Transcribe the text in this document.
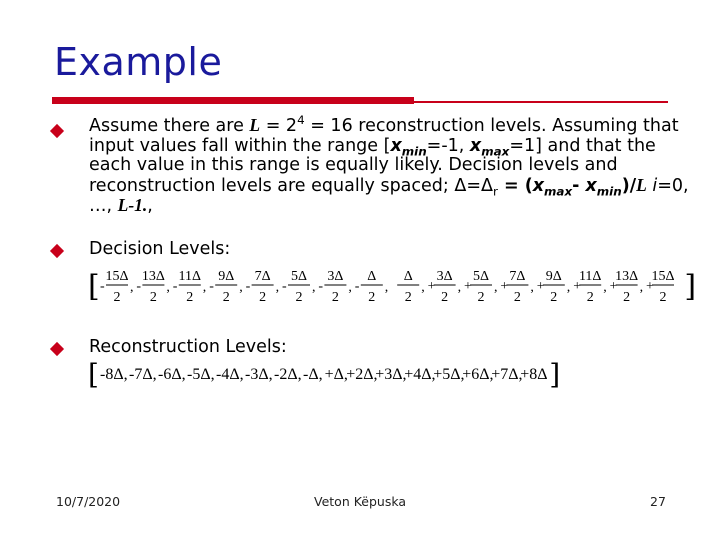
Example
Assume there are $L = 2^4 = 16$ reconstruction levels. Assuming that input values fall within the range [$x_{min}=-1$, $x_{max}=1$] and that the each value in this range is equally likely. Decision levels and reconstruction levels are equally spaced; $\Delta=\Delta_r = (x_{max}-$ $x_{min})/L$ i=0, …, L-1.,
Decision Levels:
[ -
15Δ
2
, -
13Δ
2
, -
11Δ
2
, -
9Δ
2
, -
7Δ
2
, -
5Δ
2
, -
3Δ
2
, -
Δ
2
,
Δ
2
, +
3Δ
2
, +
5Δ
2
, +
7Δ
2
, +
9Δ
2
, +
11Δ
2
, +
13Δ
2
, +
15Δ
2 ]
Reconstruction Levels:
[ -8Δ, -7Δ, -6Δ, -5Δ, -4Δ, -3Δ, -2Δ, -Δ, +Δ,
+2Δ,
+3Δ,
+4Δ,
+5Δ,
+6Δ,
+7Δ,
+8Δ ]
10/7/2020	Veton Këpuska	27
